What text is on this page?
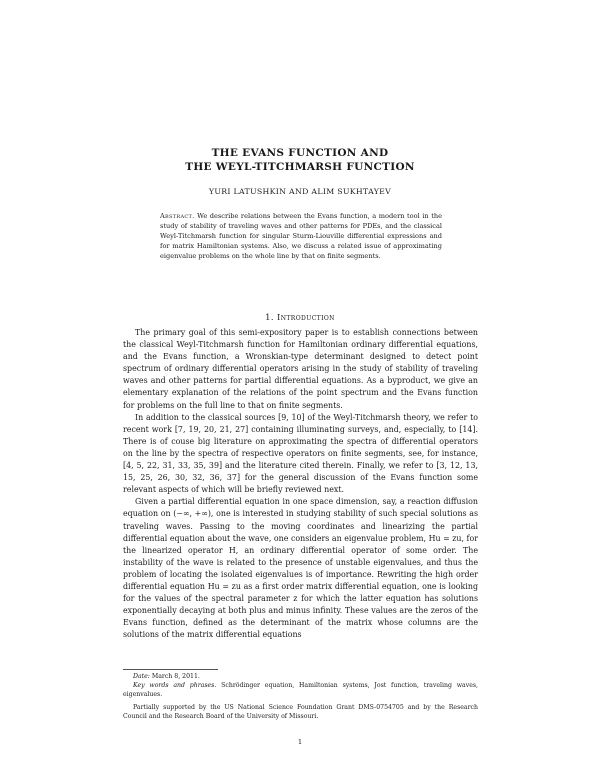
THE EVANS FUNCTION AND
THE WEYL-TITCHMARSH FUNCTION
YURI LATUSHKIN AND ALIM SUKHTAYEV

Abstract. We describe relations between the Evans function, a modern tool in the study of stability of traveling waves and other patterns for PDEs, and the classical Weyl-Titchmarsh function for singular Sturm-Liouville differential expressions and for matrix Hamiltonian systems. Also, we discuss a related issue of approximating eigenvalue problems on the whole line by that on finite segments.

1. Introduction

The primary goal of this semi-expository paper is to establish connections between the classical Weyl-Titchmarsh function for Hamiltonian ordinary differential equations, and the Evans function, a Wronskian-type determinant designed to detect point spectrum of ordinary differential operators arising in the study of stability of traveling waves and other patterns for partial differential equations. As a byproduct, we give an elementary explanation of the relations of the point spectrum and the Evans function for problems on the full line to that on finite segments.

In addition to the classical sources [9, 10] of the Weyl-Titchmarsh theory, we refer to recent work [7, 19, 20, 21, 27] containing illuminating surveys, and, especially, to [14]. There is of couse big literature on approximating the spectra of differential operators on the line by the spectra of respective operators on finite segments, see, for instance, [4, 5, 22, 31, 33, 35, 39] and the literature cited therein. Finally, we refer to [3, 12, 13, 15, 25, 26, 30, 32, 36, 37] for the general discussion of the Evans function some relevant aspects of which will be briefly reviewed next.

Given a partial differential equation in one space dimension, say, a reaction diffusion equation on (−∞, +∞), one is interested in studying stability of such special solutions as traveling waves. Passing to the moving coordinates and linearizing the partial differential equation about the wave, one considers an eigenvalue problem, Hu = zu, for the linearized operator H, an ordinary differential operator of some order. The instability of the wave is related to the presence of unstable eigenvalues, and thus the problem of locating the isolated eigenvalues is of importance. Rewriting the high order differential equation Hu = zu as a first order matrix differential equation, one is looking for the values of the spectral parameter z for which the latter equation has solutions exponentially decaying at both plus and minus infinity. These values are the zeros of the Evans function, defined as the determinant of the matrix whose columns are the solutions of the matrix differential equations

Date: March 8, 2011.

Key words and phrases. Schrödinger equation, Hamiltonian systems, Jost function, traveling waves, eigenvalues.

Partially supported by the US National Science Foundation Grant DMS-0754705 and by the Research Council and the Research Board of the University of Missouri.

1
